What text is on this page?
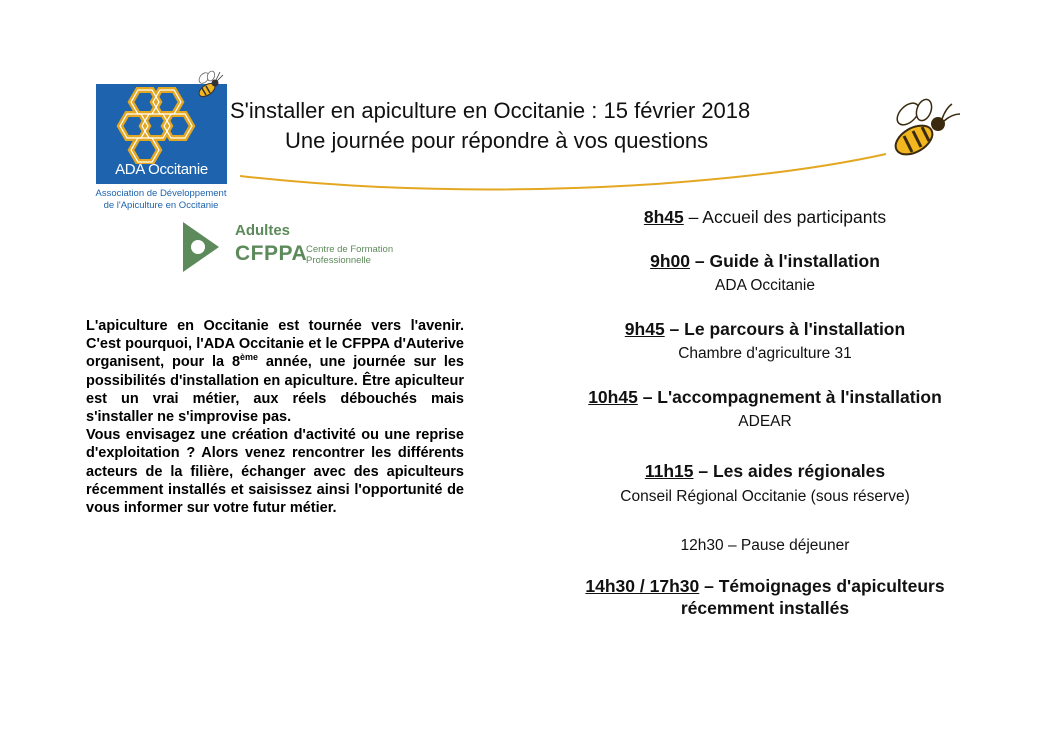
ADA Occitanie
Association de Développement
de l'Apiculture en Occitanie
Adultes
CFPPA
Centre de Formation
Professionnelle
S'installer en apiculture en Occitanie : 15 février 2018
Une journée pour répondre à vos questions

L'apiculture en Occitanie est tournée vers l'avenir. C'est pourquoi, l'ADA Occitanie et le CFPPA d'Auterive organisent, pour la 8ème année, une journée sur les possibilités d'installation en apiculture. Être apiculteur est un vrai métier, aux réels débouchés mais s'installer ne s'improvise pas.

Vous envisagez une création d'activité ou une reprise d'exploitation ? Alors venez rencontrer les différents acteurs de la filière, échanger avec des apiculteurs récemment installés et saisissez ainsi l'opportunité de vous informer sur votre futur métier.

8h45 – Accueil des participants
9h00 – Guide à l'installation
ADA Occitanie
9h45 – Le parcours à l'installation
Chambre d'agriculture 31
10h45 – L'accompagnement à l'installation
ADEAR
11h15 – Les aides régionales
Conseil Régional Occitanie (sous réserve)
12h30 – Pause déjeuner
14h30 / 17h30 – Témoignages d'apiculteurs
récemment installés
